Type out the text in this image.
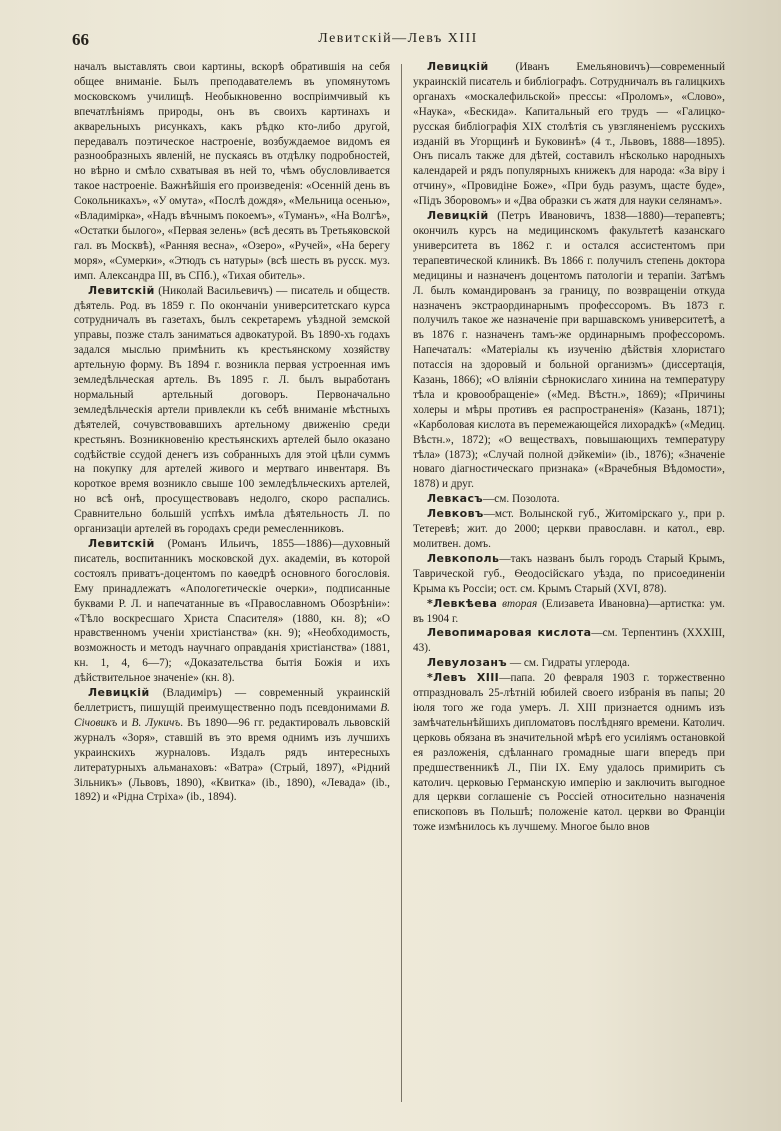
66	Левитскій—Левъ XIII

началъ выставлять свои картины, вскорѣ обратившія на себя общее вниманіе. Былъ преподавателемъ въ упомянутомъ московскомъ училищѣ. Необыкновенно воспріимчивый къ впечатлѣніямъ природы, онъ въ своихъ картинахъ и акварельныхъ рисункахъ, какъ рѣдко кто-либо другой, передавалъ поэтическое настроеніе, возбуждаемое видомъ ея разнообразныхъ явленій, не пускаясь въ отдѣлку подробностей, но вѣрно и смѣло схватывая въ ней то, чѣмъ обусловливается такое настроеніе. Важнѣйшія его произведенія: «Осенній день въ Сокольникахъ», «У омута», «Послѣ дождя», «Мельница осенью», «Владимірка», «Надъ вѣчнымъ покоемъ», «Туманъ», «На Волгѣ», «Остатки былого», «Первая зелень» (всѣ десять въ Третьяковской гал. въ Москвѣ), «Ранняя весна», «Озеро», «Ручей», «На берегу моря», «Сумерки», «Этюдъ съ натуры» (всѣ шесть въ русск. муз. имп. Александра III, въ СПб.), «Тихая обитель».

Левитскій (Николай Васильевичъ) — писатель и обществ. дѣятель. Род. въ 1859 г. По окончаніи университетскаго курса сотрудничалъ въ газетахъ, былъ секретаремъ уѣздной земской управы, позже сталъ заниматься адвокатурой. Въ 1890-хъ годахъ задался мыслью примѣнить къ крестьянскому хозяйству артельную форму. Въ 1894 г. возникла первая устроенная имъ земледѣльческая артель. Въ 1895 г. Л. былъ выработанъ нормальный артельный договоръ. Первоначально земледѣльческія артели привлекли къ себѣ вниманіе мѣстныхъ дѣятелей, сочувствовавшихъ артельному движенію среди крестьянъ. Возникновенію крестьянскихъ артелей было оказано содѣйствіе ссудой денегъ изъ собранныхъ для этой цѣли суммъ на покупку для артелей живого и мертваго инвентаря. Въ короткое время возникло свыше 100 земледѣльческихъ артелей, но всѣ онѣ, просуществовавъ недолго, скоро распались. Сравнительно большій успѣхъ имѣла дѣятельность Л. по организаціи артелей въ городахъ среди ремесленниковъ.

Левитскій (Романъ Ильичъ, 1855—1886)—духовный писатель, воспитанникъ московской дух. академіи, въ которой состоялъ приватъ-доцентомъ по каѳедрѣ основного богословія. Ему принадлежатъ «Апологетическіе очерки», подписанные буквами Р. Л. и напечатанные въ «Православномъ Обозрѣніи»: «Тѣло воскресшаго Христа Спасителя» (1880, кн. 8); «О нравственномъ ученіи христіанства» (кн. 9); «Необходимость, возможность и методъ научнаго оправданія христіанства» (1881, кн. 1, 4, 6—7); «Доказательства бытія Божія и ихъ дѣйствительное значеніе» (кн. 8).

Левицкій (Владиміръ) — современный украинскій беллетристъ, пишущій преимущественно подъ псевдонимами В. Січовикъ и В. Лукичъ. Въ 1890—96 гг. редактировалъ львовскій журналъ «Зоря», ставшій въ это время однимъ изъ лучшихъ украинскихъ журналовъ. Издалъ рядъ интересныхъ литературныхъ альманаховъ: «Ватра» (Стрый, 1897), «Рідний Зільникъ» (Львовъ, 1890), «Квитка» (ib., 1890), «Левада» (ib., 1892) и «Рідна Стріха» (ib., 1894).

Левицкій (Иванъ Емельяновичъ)—современный украинскій писатель и библіографъ. Сотрудничалъ въ галицкихъ органахъ «москалефильской» прессы: «Проломъ», «Слово», «Наука», «Бескида». Капитальный его трудъ — «Галицко-русская библіографія XIX столѣтія съ увзгляненіемъ русскихъ изданій въ Угорщинѣ и Буковинѣ» (4 т., Львовъ, 1888—1895). Онъ писалъ также для дѣтей, составилъ нѣсколько народныхъ календарей и рядъ популярныхъ книжекъ для народа: «За віру і отчину», «Провидіне Боже», «При будь разумъ, щасте буде», «Підъ Зборовомъ» и «Два образки съ жатя для науки селянамъ».

Левицкій (Петръ Ивановичъ, 1838—1880)—терапевтъ; окончилъ курсъ на медицинскомъ факультетѣ казанскаго университета въ 1862 г. и остался ассистентомъ при терапевтической клиникѣ. Въ 1866 г. получилъ степень доктора медицины и назначенъ доцентомъ патологіи и терапіи. Затѣмъ Л. былъ командированъ за границу, по возвращеніи откуда назначенъ экстраординарнымъ профессоромъ. Въ 1873 г. получилъ такое же назначеніе при варшавскомъ университетѣ, а въ 1876 г. назначенъ тамъ-же ординарнымъ профессоромъ. Напечаталъ: «Матеріалы къ изученію дѣйствія хлористаго потассія на здоровый и больной организмъ» (диссертація, Казань, 1866); «О вліяніи сѣрнокислаго хинина на температуру тѣла и кровообращеніе» («Мед. Вѣстн.», 1869); «Причины холеры и мѣры противъ ея распространенія» (Казань, 1871); «Карболовая кислота въ перемежающейся лихорадкѣ» («Медиц. Вѣстн.», 1872); «О веществахъ, повышающихъ температуру тѣла» (1873); «Случай полной дэйкеміи» (ib., 1876); «Значеніе новаго діагностическаго признака» («Врачебныя Вѣдомости», 1878) и друг.

Левкасъ—см. Позолота.

Левковъ—мст. Волынской губ., Житомірскаго у., при р. Тетеревѣ; жит. до 2000; церкви православн. и катол., евр. молитвен. домъ.

Левкополь—такъ названъ былъ городъ Старый Крымъ, Таврической губ., Ѳеодосійскаго уѣзда, по присоединеніи Крыма къ Россіи; ост. см. Крымъ Старый (XVI, 878).

*Левкѣева вторая (Елизавета Ивановна)—артистка: ум. въ 1904 г.

Левопимаровая кислота—см. Терпентинъ (XXXIII, 43).

Левулозанъ — см. Гидраты углерода.

*Левъ XIII—папа. 20 февраля 1903 г. торжественно отпраздновалъ 25-лѣтній юбилей своего избранія въ папы; 20 іюля того же года умеръ. Л. XIII признается однимъ изъ замѣчательнѣйшихъ дипломатовъ послѣдняго времени. Католич. церковь обязана въ значительной мѣрѣ его усиліямъ остановкой ея разложенія, сдѣланнаго громадные шаги впередъ при предшественникѣ Л., Піи IX. Ему удалось примирить съ католич. церковью Германскую имперію и заключить выгодное для церкви соглашеніе съ Россіей относительно назначенія епископовъ въ Польшѣ; положеніе катол. церкви во Франціи тоже измѣнилось къ лучшему. Многое было внов
